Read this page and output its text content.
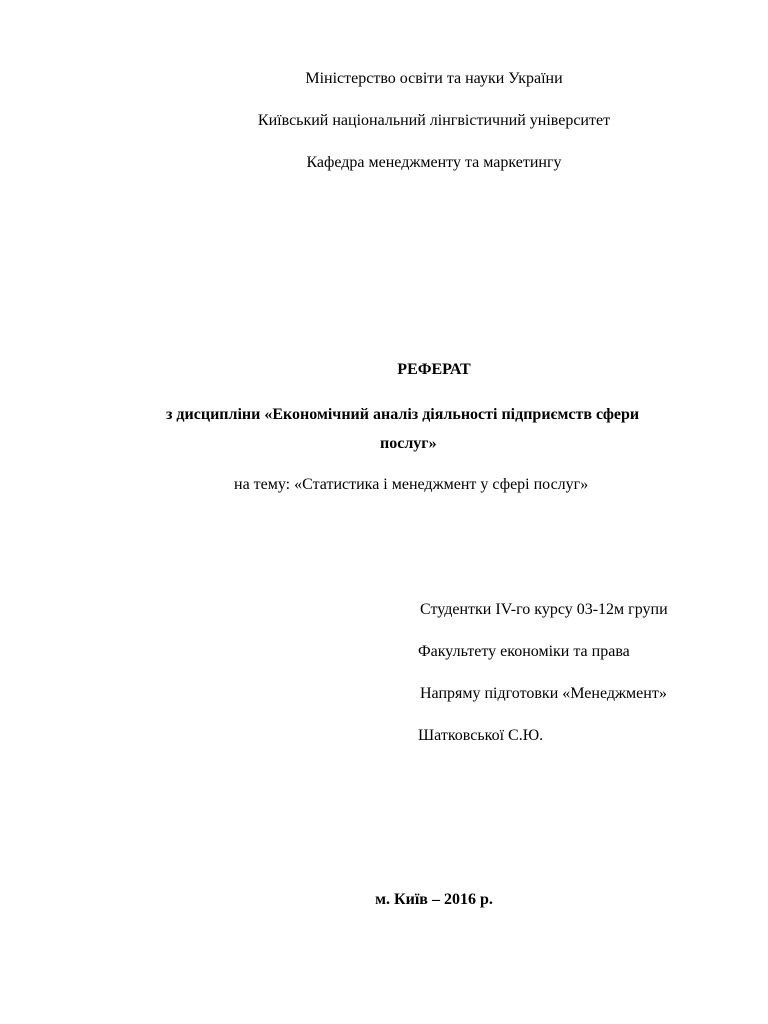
Міністерство освіти та науки України
Київський національний лінгвістичний університет
Кафедра менеджменту та маркетингу
РЕФЕРАТ
з дисципліни «Економічний аналіз діяльності підприємств сфери
послуг»
на тему: «Статистика і менеджмент у сфері послуг»
Студентки IV-го курсу 03-12м групи
Факультету економіки та права
Напряму підготовки «Менеджмент»
Шатковської С.Ю.
м. Київ – 2016 р.
